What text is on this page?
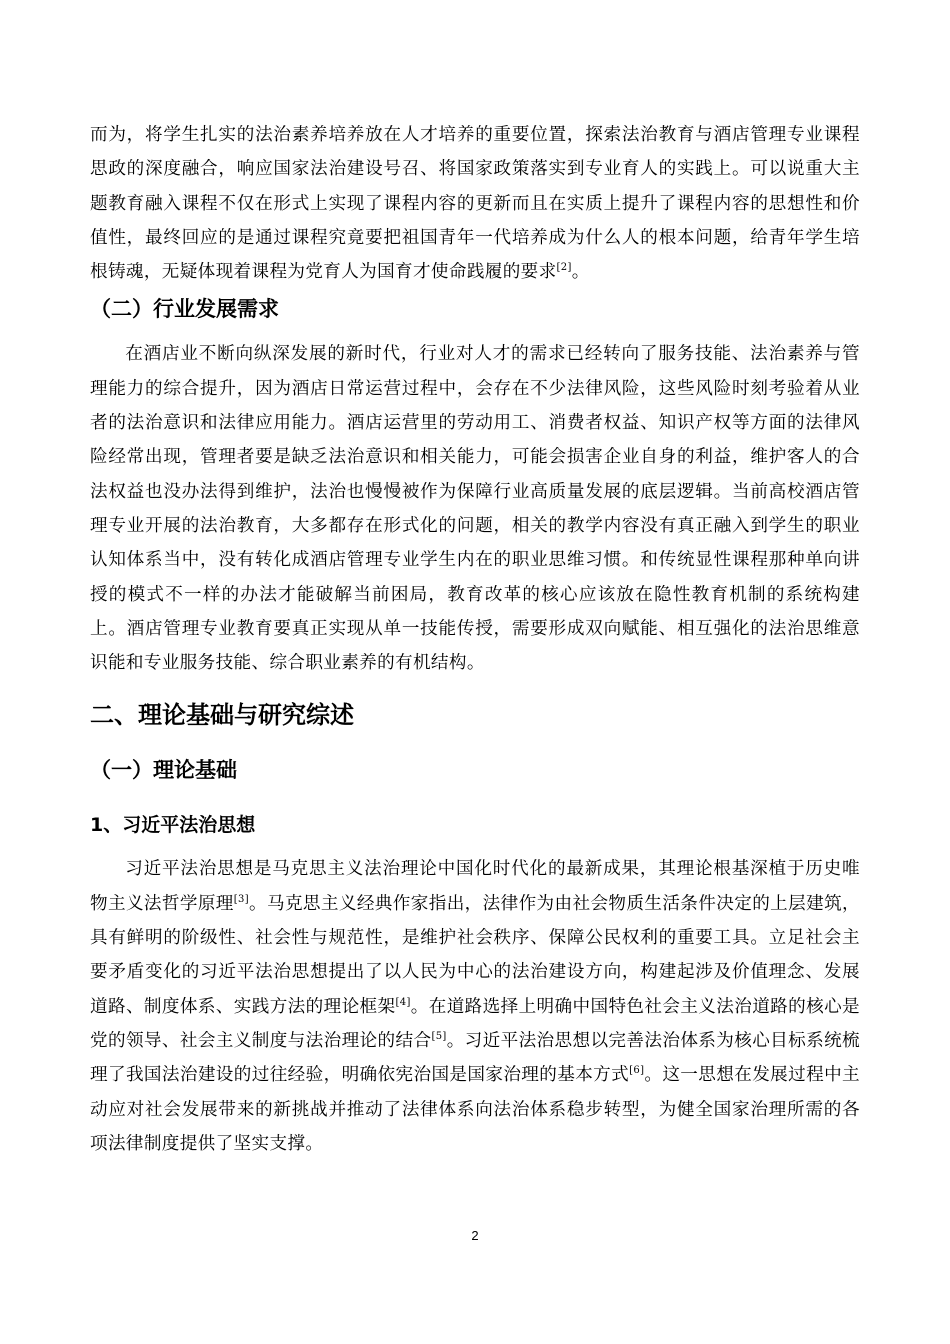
而为，将学生扎实的法治素养培养放在人才培养的重要位置，探索法治教育与酒店管理专业课程思政的深度融合，响应国家法治建设号召、将国家政策落实到专业育人的实践上。可以说重大主题教育融入课程不仅在形式上实现了课程内容的更新而且在实质上提升了课程内容的思想性和价值性，最终回应的是通过课程究竟要把祖国青年一代培养成为什么人的根本问题，给青年学生培根铸魂，无疑体现着课程为党育人为国育才使命践履的要求[2]。

（二）行业发展需求

在酒店业不断向纵深发展的新时代，行业对人才的需求已经转向了服务技能、法治素养与管理能力的综合提升，因为酒店日常运营过程中，会存在不少法律风险，这些风险时刻考验着从业者的法治意识和法律应用能力。酒店运营里的劳动用工、消费者权益、知识产权等方面的法律风险经常出现，管理者要是缺乏法治意识和相关能力，可能会损害企业自身的利益，维护客人的合法权益也没办法得到维护，法治也慢慢被作为保障行业高质量发展的底层逻辑。当前高校酒店管理专业开展的法治教育，大多都存在形式化的问题，相关的教学内容没有真正融入到学生的职业认知体系当中，没有转化成酒店管理专业学生内在的职业思维习惯。和传统显性课程那种单向讲授的模式不一样的办法才能破解当前困局，教育改革的核心应该放在隐性教育机制的系统构建上。酒店管理专业教育要真正实现从单一技能传授，需要形成双向赋能、相互强化的法治思维意识能和专业服务技能、综合职业素养的有机结构。

二、理论基础与研究综述
（一）理论基础
1、习近平法治思想

习近平法治思想是马克思主义法治理论中国化时代化的最新成果，其理论根基深植于历史唯物主义法哲学原理[3]。马克思主义经典作家指出，法律作为由社会物质生活条件决定的上层建筑，具有鲜明的阶级性、社会性与规范性，是维护社会秩序、保障公民权利的重要工具。立足社会主要矛盾变化的习近平法治思想提出了以人民为中心的法治建设方向，构建起涉及价值理念、发展道路、制度体系、实践方法的理论框架[4]。在道路选择上明确中国特色社会主义法治道路的核心是党的领导、社会主义制度与法治理论的结合[5]。习近平法治思想以完善法治体系为核心目标系统梳理了我国法治建设的过往经验，明确依宪治国是国家治理的基本方式[6]。这一思想在发展过程中主动应对社会发展带来的新挑战并推动了法律体系向法治体系稳步转型，为健全国家治理所需的各项法律制度提供了坚实支撑。

2
